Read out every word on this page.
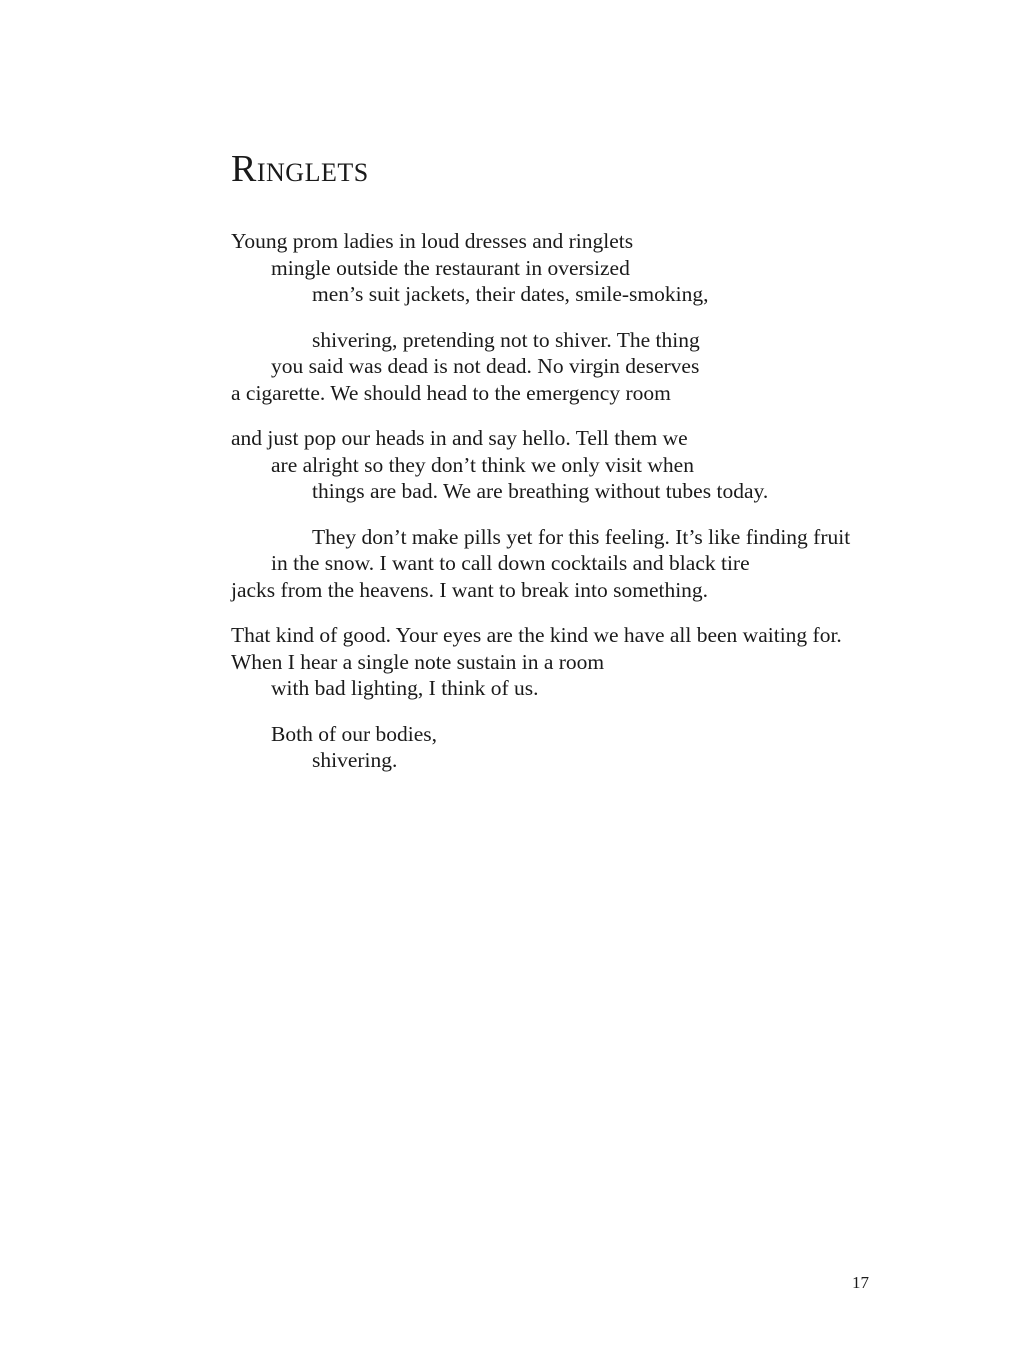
RINGLETS
Young prom ladies in loud dresses and ringlets
mingle outside the restaurant in oversized
men’s suit jackets, their dates, smile-smoking,
shivering, pretending not to shiver. The thing
you said was dead is not dead. No virgin deserves
a cigarette. We should head to the emergency room
and just pop our heads in and say hello. Tell them we
are alright so they don’t think we only visit when
things are bad. We are breathing without tubes today.
They don’t make pills yet for this feeling. It’s like finding fruit
in the snow. I want to call down cocktails and black tire
jacks from the heavens. I want to break into something.
That kind of good. Your eyes are the kind we have all been waiting for.
When I hear a single note sustain in a room
with bad lighting, I think of us.
Both of our bodies,
shivering.
17
